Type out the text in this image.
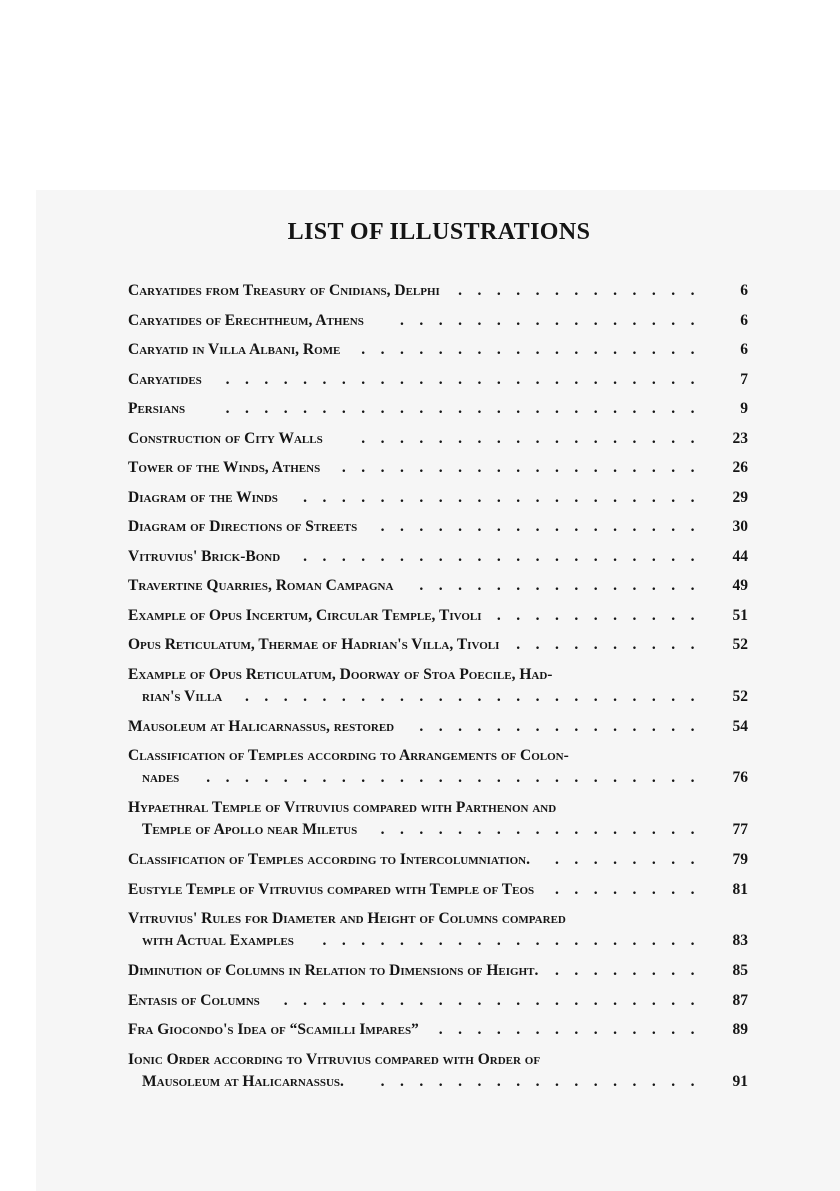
LIST OF ILLUSTRATIONS
Caryatides from Treasury of Cnidians, Delphi	6
.............
Caryatides of Erechtheum, Athens	6
................
Caryatid in Villa Albani, Rome	6
..................
Caryatides	7
.........................
Persians	9
.........................
Construction of City Walls	23
..................
Tower of the Winds, Athens	26
...................
Diagram of the Winds	29
.....................
Diagram of Directions of Streets	30
.................
Vitruvius' Brick-Bond	44
.....................
Travertine Quarries, Roman Campagna	49
...............
Example of Opus Incertum, Circular Temple, Tivoli	51
...........
Opus Reticulatum, Thermae of Hadrian's Villa, Tivoli	52
..........
Example of Opus Reticulatum, Doorway of Stoa Poecile, Had-
rian's Villa	52
........................
Mausoleum at Halicarnassus, restored	54
...............
Classification of Temples according to Arrangements of Colon-
nades	76
..........................
Hypaethral Temple of Vitruvius compared with Parthenon and
Temple of Apollo near Miletus	77
.................
Classification of Temples according to Intercolumniation.	79
........
Eustyle Temple of Vitruvius compared with Temple of Teos	81
........
Vitruvius' Rules for Diameter and Height of Columns compared
with Actual Examples	83
....................
Diminution of Columns in Relation to Dimensions of Height.	85
........
Entasis of Columns	87
......................
Fra Giocondo's Idea of “Scamilli Impares”	89
..............
Ionic Order according to Vitruvius compared with Order of
Mausoleum at Halicarnassus.	91
.................
